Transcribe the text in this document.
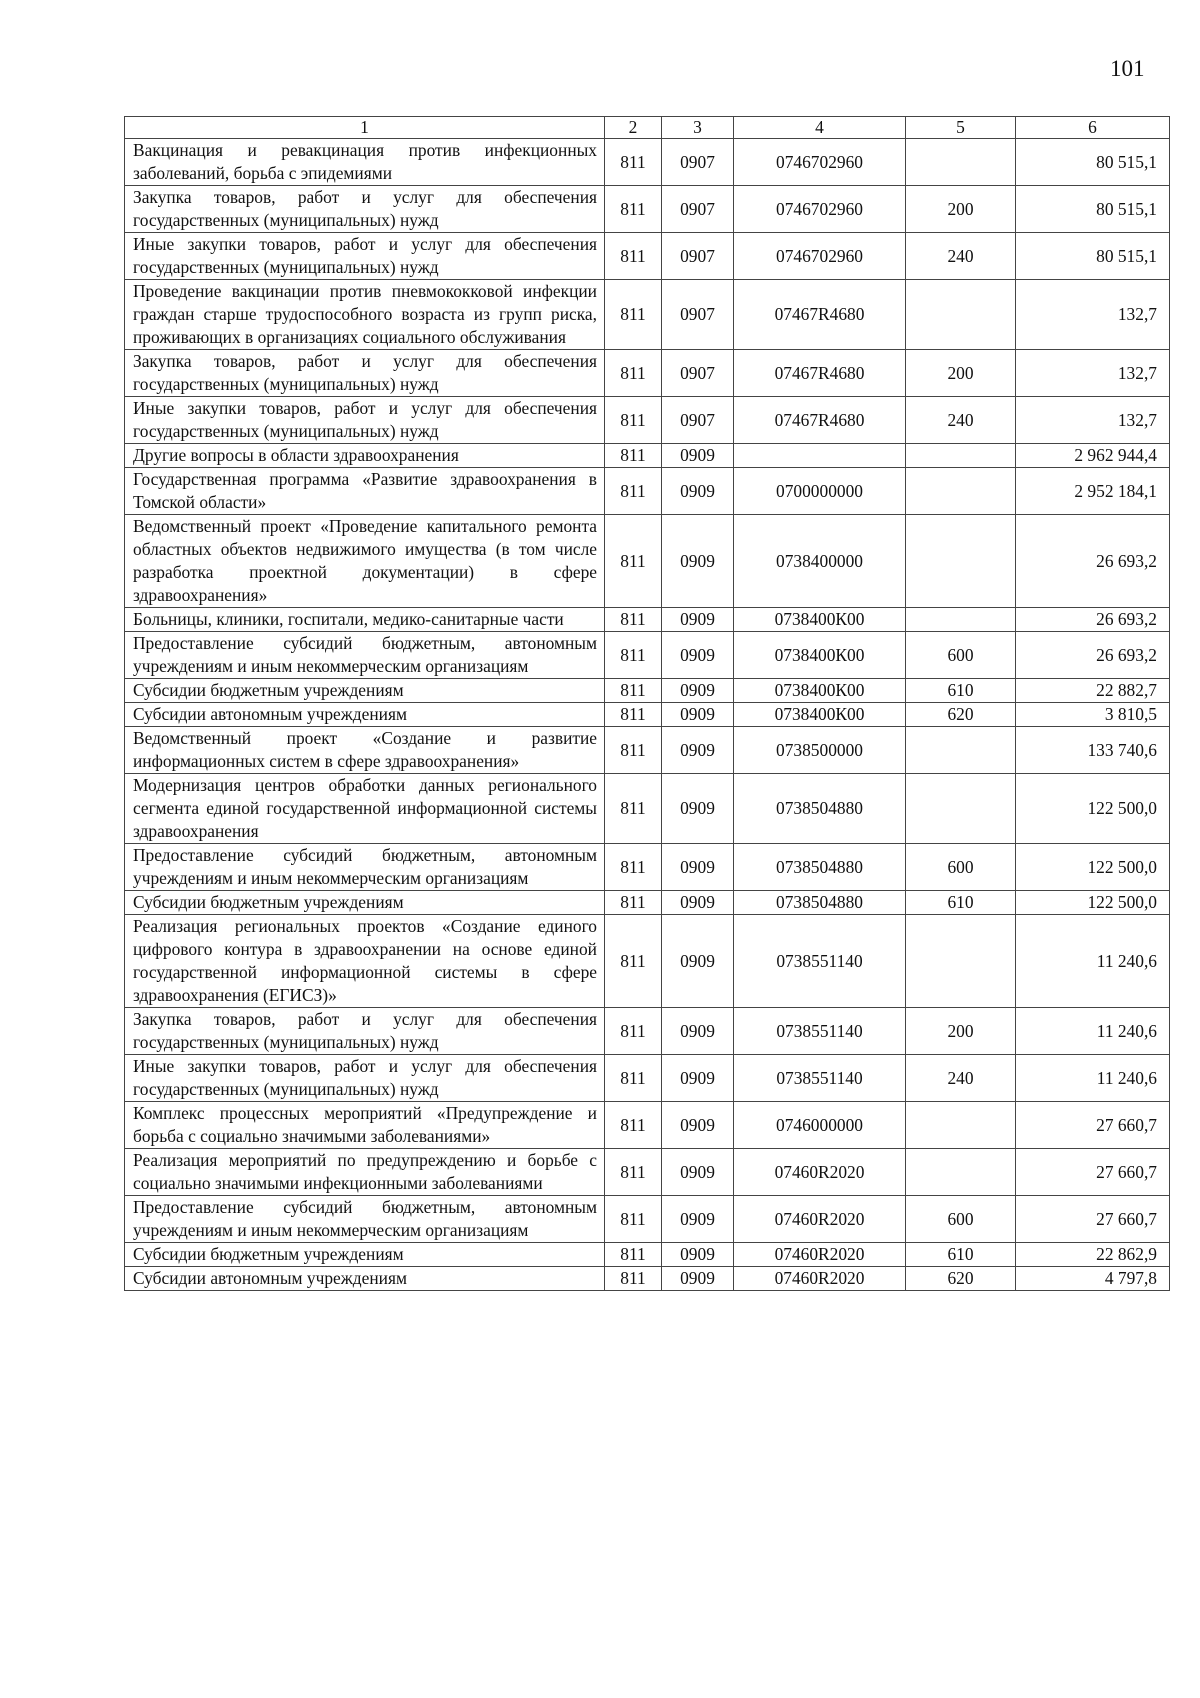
101
1	2	3	4	5	6
Вакцинация и ревакцинация против инфекционных заболеваний, борьба с эпидемиями	811	0907	0746702960		80 515,1
Закупка товаров, работ и услуг для обеспечения государственных (муниципальных) нужд	811	0907	0746702960	200	80 515,1
Иные закупки товаров, работ и услуг для обеспечения государственных (муниципальных) нужд	811	0907	0746702960	240	80 515,1
Проведение вакцинации против пневмококковой инфекции граждан старше трудоспособного возраста из групп риска, проживающих в организациях социального обслуживания	811	0907	07467R4680		132,7
Закупка товаров, работ и услуг для обеспечения государственных (муниципальных) нужд	811	0907	07467R4680	200	132,7
Иные закупки товаров, работ и услуг для обеспечения государственных (муниципальных) нужд	811	0907	07467R4680	240	132,7
Другие вопросы в области здравоохранения	811	0909			2 962 944,4
Государственная программа «Развитие здравоохранения в Томской области»	811	0909	0700000000		2 952 184,1
Ведомственный проект «Проведение капитального ремонта областных объектов недвижимого имущества (в том числе разработка проектной документации) в сфере здравоохранения»	811	0909	0738400000		26 693,2
Больницы, клиники, госпитали, медико-санитарные части	811	0909	0738400К00		26 693,2
Предоставление субсидий бюджетным, автономным учреждениям и иным некоммерческим организациям	811	0909	0738400К00	600	26 693,2
Субсидии бюджетным учреждениям	811	0909	0738400К00	610	22 882,7
Субсидии автономным учреждениям	811	0909	0738400К00	620	3 810,5
Ведомственный проект «Создание и развитие информационных систем в сфере здравоохранения»	811	0909	0738500000		133 740,6
Модернизация центров обработки данных регионального сегмента единой государственной информационной системы здравоохранения	811	0909	0738504880		122 500,0
Предоставление субсидий бюджетным, автономным учреждениям и иным некоммерческим организациям	811	0909	0738504880	600	122 500,0
Субсидии бюджетным учреждениям	811	0909	0738504880	610	122 500,0
Реализация региональных проектов «Создание единого цифрового контура в здравоохранении на основе единой государственной информационной системы в сфере здравоохранения (ЕГИСЗ)»	811	0909	0738551140		11 240,6
Закупка товаров, работ и услуг для обеспечения государственных (муниципальных) нужд	811	0909	0738551140	200	11 240,6
Иные закупки товаров, работ и услуг для обеспечения государственных (муниципальных) нужд	811	0909	0738551140	240	11 240,6
Комплекс процессных мероприятий «Предупреждение и борьба с социально значимыми заболеваниями»	811	0909	0746000000		27 660,7
Реализация мероприятий по предупреждению и борьбе с социально значимыми инфекционными заболеваниями	811	0909	07460R2020		27 660,7
Предоставление субсидий бюджетным, автономным учреждениям и иным некоммерческим организациям	811	0909	07460R2020	600	27 660,7
Субсидии бюджетным учреждениям	811	0909	07460R2020	610	22 862,9
Субсидии автономным учреждениям	811	0909	07460R2020	620	4 797,8
